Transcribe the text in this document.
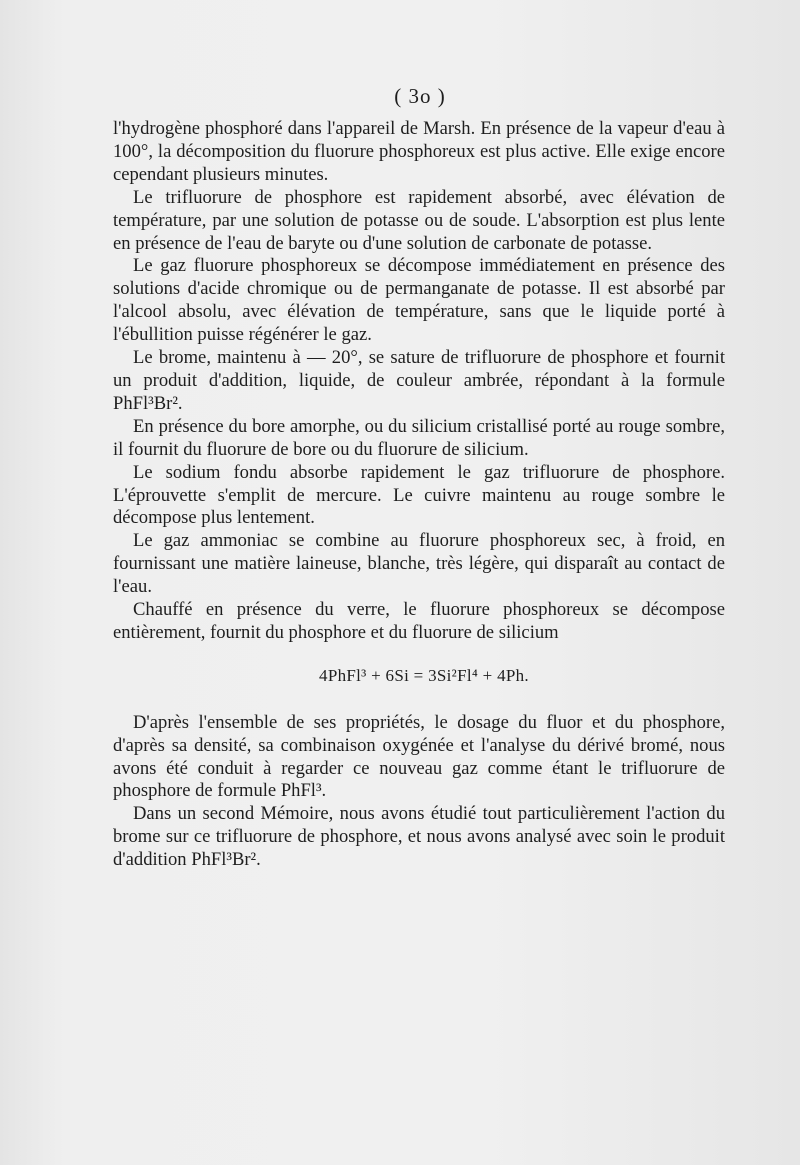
( 3o )

l'hydrogène phosphoré dans l'appareil de Marsh. En présence de la vapeur d'eau à 100°, la décomposition du fluorure phosphoreux est plus active. Elle exige encore cependant plusieurs minutes.

Le trifluorure de phosphore est rapidement absorbé, avec élévation de température, par une solution de potasse ou de soude. L'absorption est plus lente en présence de l'eau de baryte ou d'une solution de carbonate de potasse.

Le gaz fluorure phosphoreux se décompose immédiatement en présence des solutions d'acide chromique ou de permanganate de potasse. Il est absorbé par l'alcool absolu, avec élévation de température, sans que le liquide porté à l'ébullition puisse régénérer le gaz.

Le brome, maintenu à — 20°, se sature de trifluorure de phosphore et fournit un produit d'addition, liquide, de couleur ambrée, répondant à la formule PhFl³Br².

En présence du bore amorphe, ou du silicium cristallisé porté au rouge sombre, il fournit du fluorure de bore ou du fluorure de silicium.

Le sodium fondu absorbe rapidement le gaz trifluorure de phosphore. L'éprouvette s'emplit de mercure. Le cuivre maintenu au rouge sombre le décompose plus lentement.

Le gaz ammoniac se combine au fluorure phosphoreux sec, à froid, en fournissant une matière laineuse, blanche, très légère, qui disparaît au contact de l'eau.

Chauffé en présence du verre, le fluorure phosphoreux se décompose entièrement, fournit du phosphore et du fluorure de silicium

4PhFl³ + 6Si = 3Si²Fl⁴ + 4Ph.

D'après l'ensemble de ses propriétés, le dosage du fluor et du phosphore, d'après sa densité, sa combinaison oxygénée et l'analyse du dérivé bromé, nous avons été conduit à regarder ce nouveau gaz comme étant le trifluorure de phosphore de formule PhFl³.

Dans un second Mémoire, nous avons étudié tout particulièrement l'action du brome sur ce trifluorure de phosphore, et nous avons analysé avec soin le produit d'addition PhFl³Br².
